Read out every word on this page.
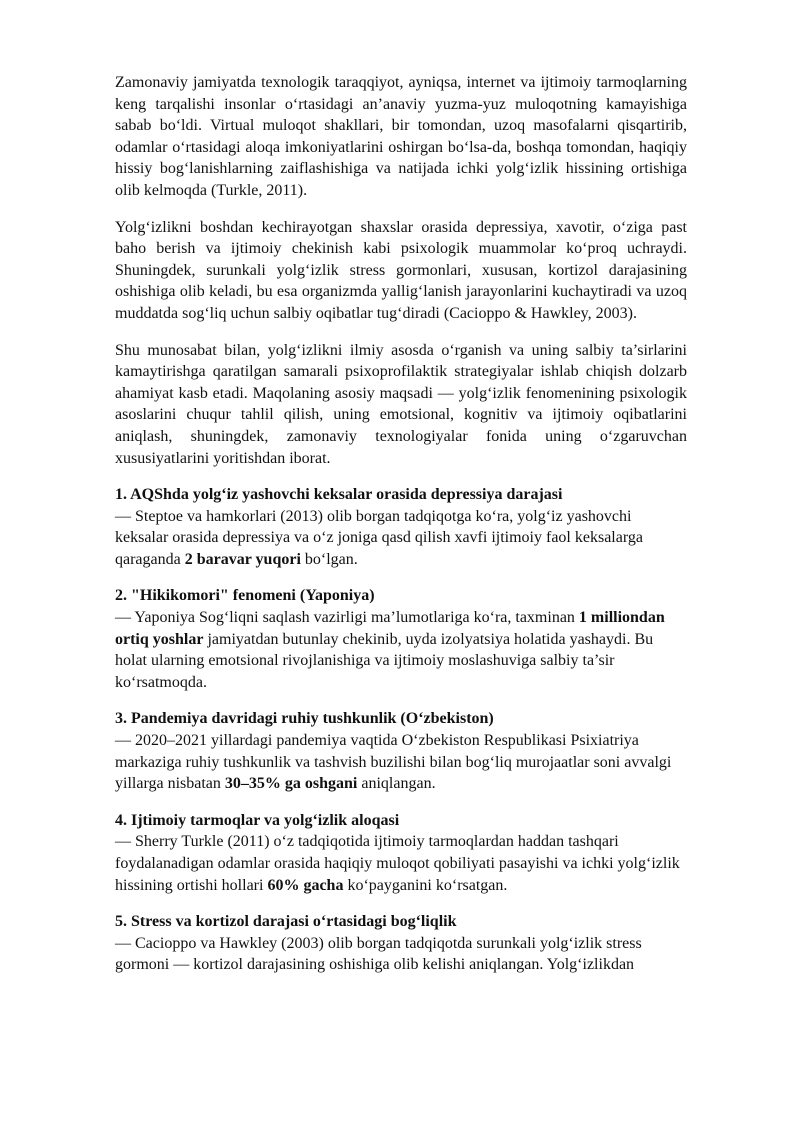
Zamonaviy jamiyatda texnologik taraqqiyot, ayniqsa, internet va ijtimoiy tarmoqlarning keng tarqalishi insonlar o‘rtasidagi an’anaviy yuzma-yuz muloqotning kamayishiga sabab bo‘ldi. Virtual muloqot shakllari, bir tomondan, uzoq masofalarni qisqartirib, odamlar o‘rtasidagi aloqa imkoniyatlarini oshirgan bo‘lsa-da, boshqa tomondan, haqiqiy hissiy bog‘lanishlarning zaiflashishiga va natijada ichki yolg‘izlik hissining ortishiga olib kelmoqda (Turkle, 2011).

Yolg‘izlikni boshdan kechirayotgan shaxslar orasida depressiya, xavotir, o‘ziga past baho berish va ijtimoiy chekinish kabi psixologik muammolar ko‘proq uchraydi. Shuningdek, surunkali yolg‘izlik stress gormonlari, xususan, kortizol darajasining oshishiga olib keladi, bu esa organizmda yallig‘lanish jarayonlarini kuchaytiradi va uzoq muddatda sog‘liq uchun salbiy oqibatlar tug‘diradi (Cacioppo & Hawkley, 2003).

Shu munosabat bilan, yolg‘izlikni ilmiy asosda o‘rganish va uning salbiy ta’sirlarini kamaytirishga qaratilgan samarali psixoprofilaktik strategiyalar ishlab chiqish dolzarb ahamiyat kasb etadi. Maqolaning asosiy maqsadi — yolg‘izlik fenomenining psixologik asoslarini chuqur tahlil qilish, uning emotsional, kognitiv va ijtimoiy oqibatlarini aniqlash, shuningdek, zamonaviy texnologiyalar fonida uning o‘zgaruvchan xususiyatlarini yoritishdan iborat.

1. AQShda yolg‘iz yashovchi keksalar orasida depressiya darajasi

— Steptoe va hamkorlari (2013) olib borgan tadqiqotga ko‘ra, yolg‘iz yashovchi keksalar orasida depressiya va o‘z joniga qasd qilish xavfi ijtimoiy faol keksalarga qaraganda 2 baravar yuqori bo‘lgan.

2. "Hikikomori" fenomeni (Yaponiya)

— Yaponiya Sog‘liqni saqlash vazirligi ma’lumotlariga ko‘ra, taxminan 1 milliondan ortiq yoshlar jamiyatdan butunlay chekinib, uyda izolyatsiya holatida yashaydi. Bu holat ularning emotsional rivojlanishiga va ijtimoiy moslashuviga salbiy ta’sir ko‘rsatmoqda.

3. Pandemiya davridagi ruhiy tushkunlik (O‘zbekiston)

— 2020–2021 yillardagi pandemiya vaqtida O‘zbekiston Respublikasi Psixiatriya markaziga ruhiy tushkunlik va tashvish buzilishi bilan bog‘liq murojaatlar soni avvalgi yillarga nisbatan 30–35% ga oshgani aniqlangan.

4. Ijtimoiy tarmoqlar va yolg‘izlik aloqasi

— Sherry Turkle (2011) o‘z tadqiqotida ijtimoiy tarmoqlardan haddan tashqari foydalanadigan odamlar orasida haqiqiy muloqot qobiliyati pasayishi va ichki yolg‘izlik hissining ortishi hollari 60% gacha ko‘payganini ko‘rsatgan.

5. Stress va kortizol darajasi o‘rtasidagi bog‘liqlik

— Cacioppo va Hawkley (2003) olib borgan tadqiqotda surunkali yolg‘izlik stress gormoni — kortizol darajasining oshishiga olib kelishi aniqlangan. Yolg‘izlikdan
